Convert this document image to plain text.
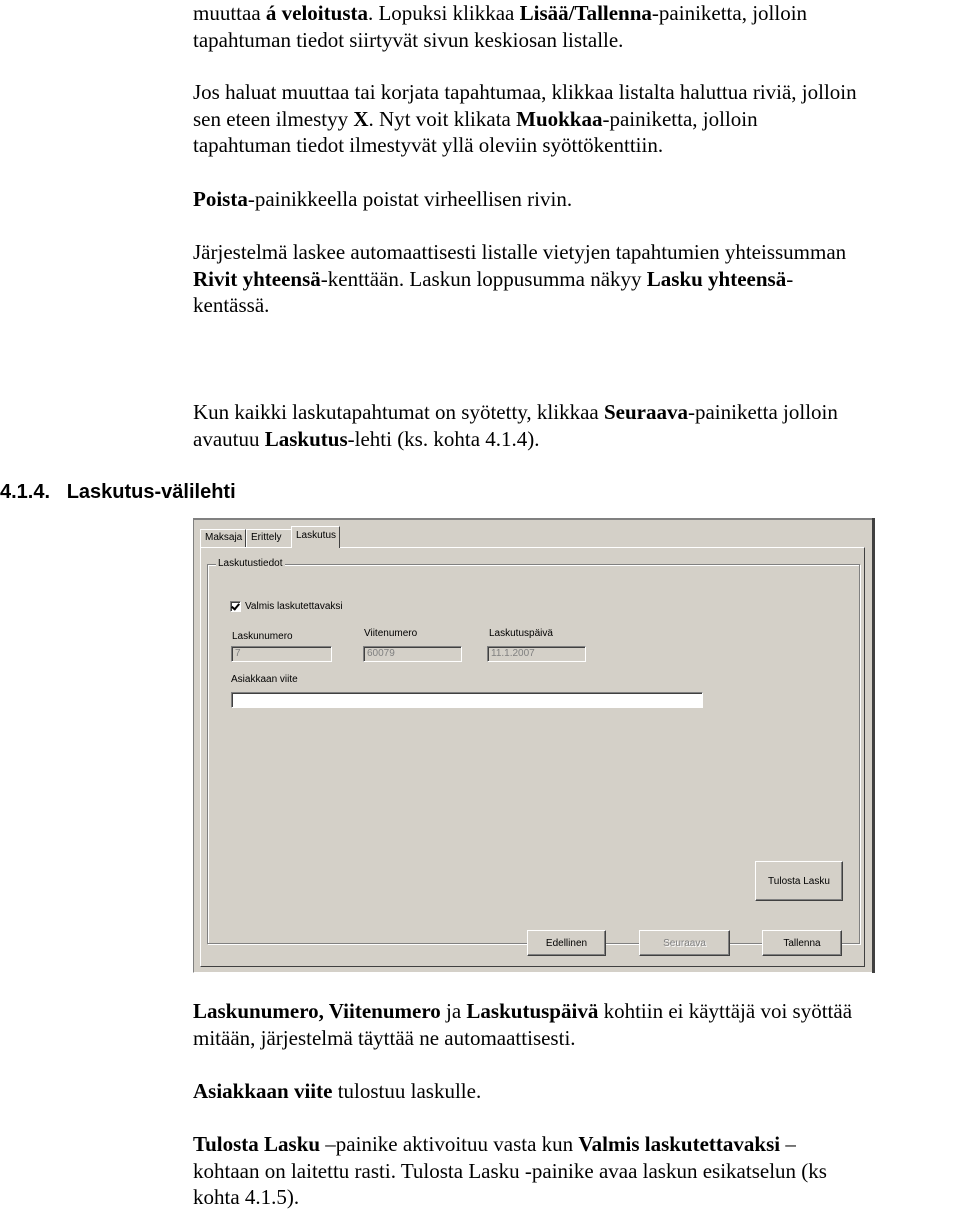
muuttaa á veloitusta. Lopuksi klikkaa Lisää/Tallenna-painiketta, jolloin
tapahtuman tiedot siirtyvät sivun keskiosan listalle.
Jos haluat muuttaa tai korjata tapahtumaa, klikkaa listalta haluttua riviä, jolloin
sen eteen ilmestyy X. Nyt voit klikata Muokkaa-painiketta, jolloin
tapahtuman tiedot ilmestyvät yllä oleviin syöttökenttiin.
Poista-painikkeella poistat virheellisen rivin.
Järjestelmä laskee automaattisesti listalle vietyjen tapahtumien yhteissumman
Rivit yhteensä-kenttään. Laskun loppusumma näkyy Lasku yhteensä-
kentässä.
Kun kaikki laskutapahtumat on syötetty, klikkaa Seuraava-painiketta jolloin
avautuu Laskutus-lehti (ks. kohta 4.1.4).
4.1.4.   Laskutus-välilehti
Maksaja Erittely	Laskutus
Laskutustiedot
Valmis laskutettavaksi
Laskunumero
7
Viitenumero
60079
Laskutuspäivä
11.1.2007
Asiakkaan viite
Tulosta Lasku
Edellinen	Seuraava	Tallenna
Laskunumero, Viitenumero ja Laskutuspäivä kohtiin ei käyttäjä voi syöttää
mitään, järjestelmä täyttää ne automaattisesti.
Asiakkaan viite tulostuu laskulle.
Tulosta Lasku –painike aktivoituu vasta kun Valmis laskutettavaksi –
kohtaan on laitettu rasti. Tulosta Lasku -painike avaa laskun esikatselun (ks
kohta 4.1.5).
